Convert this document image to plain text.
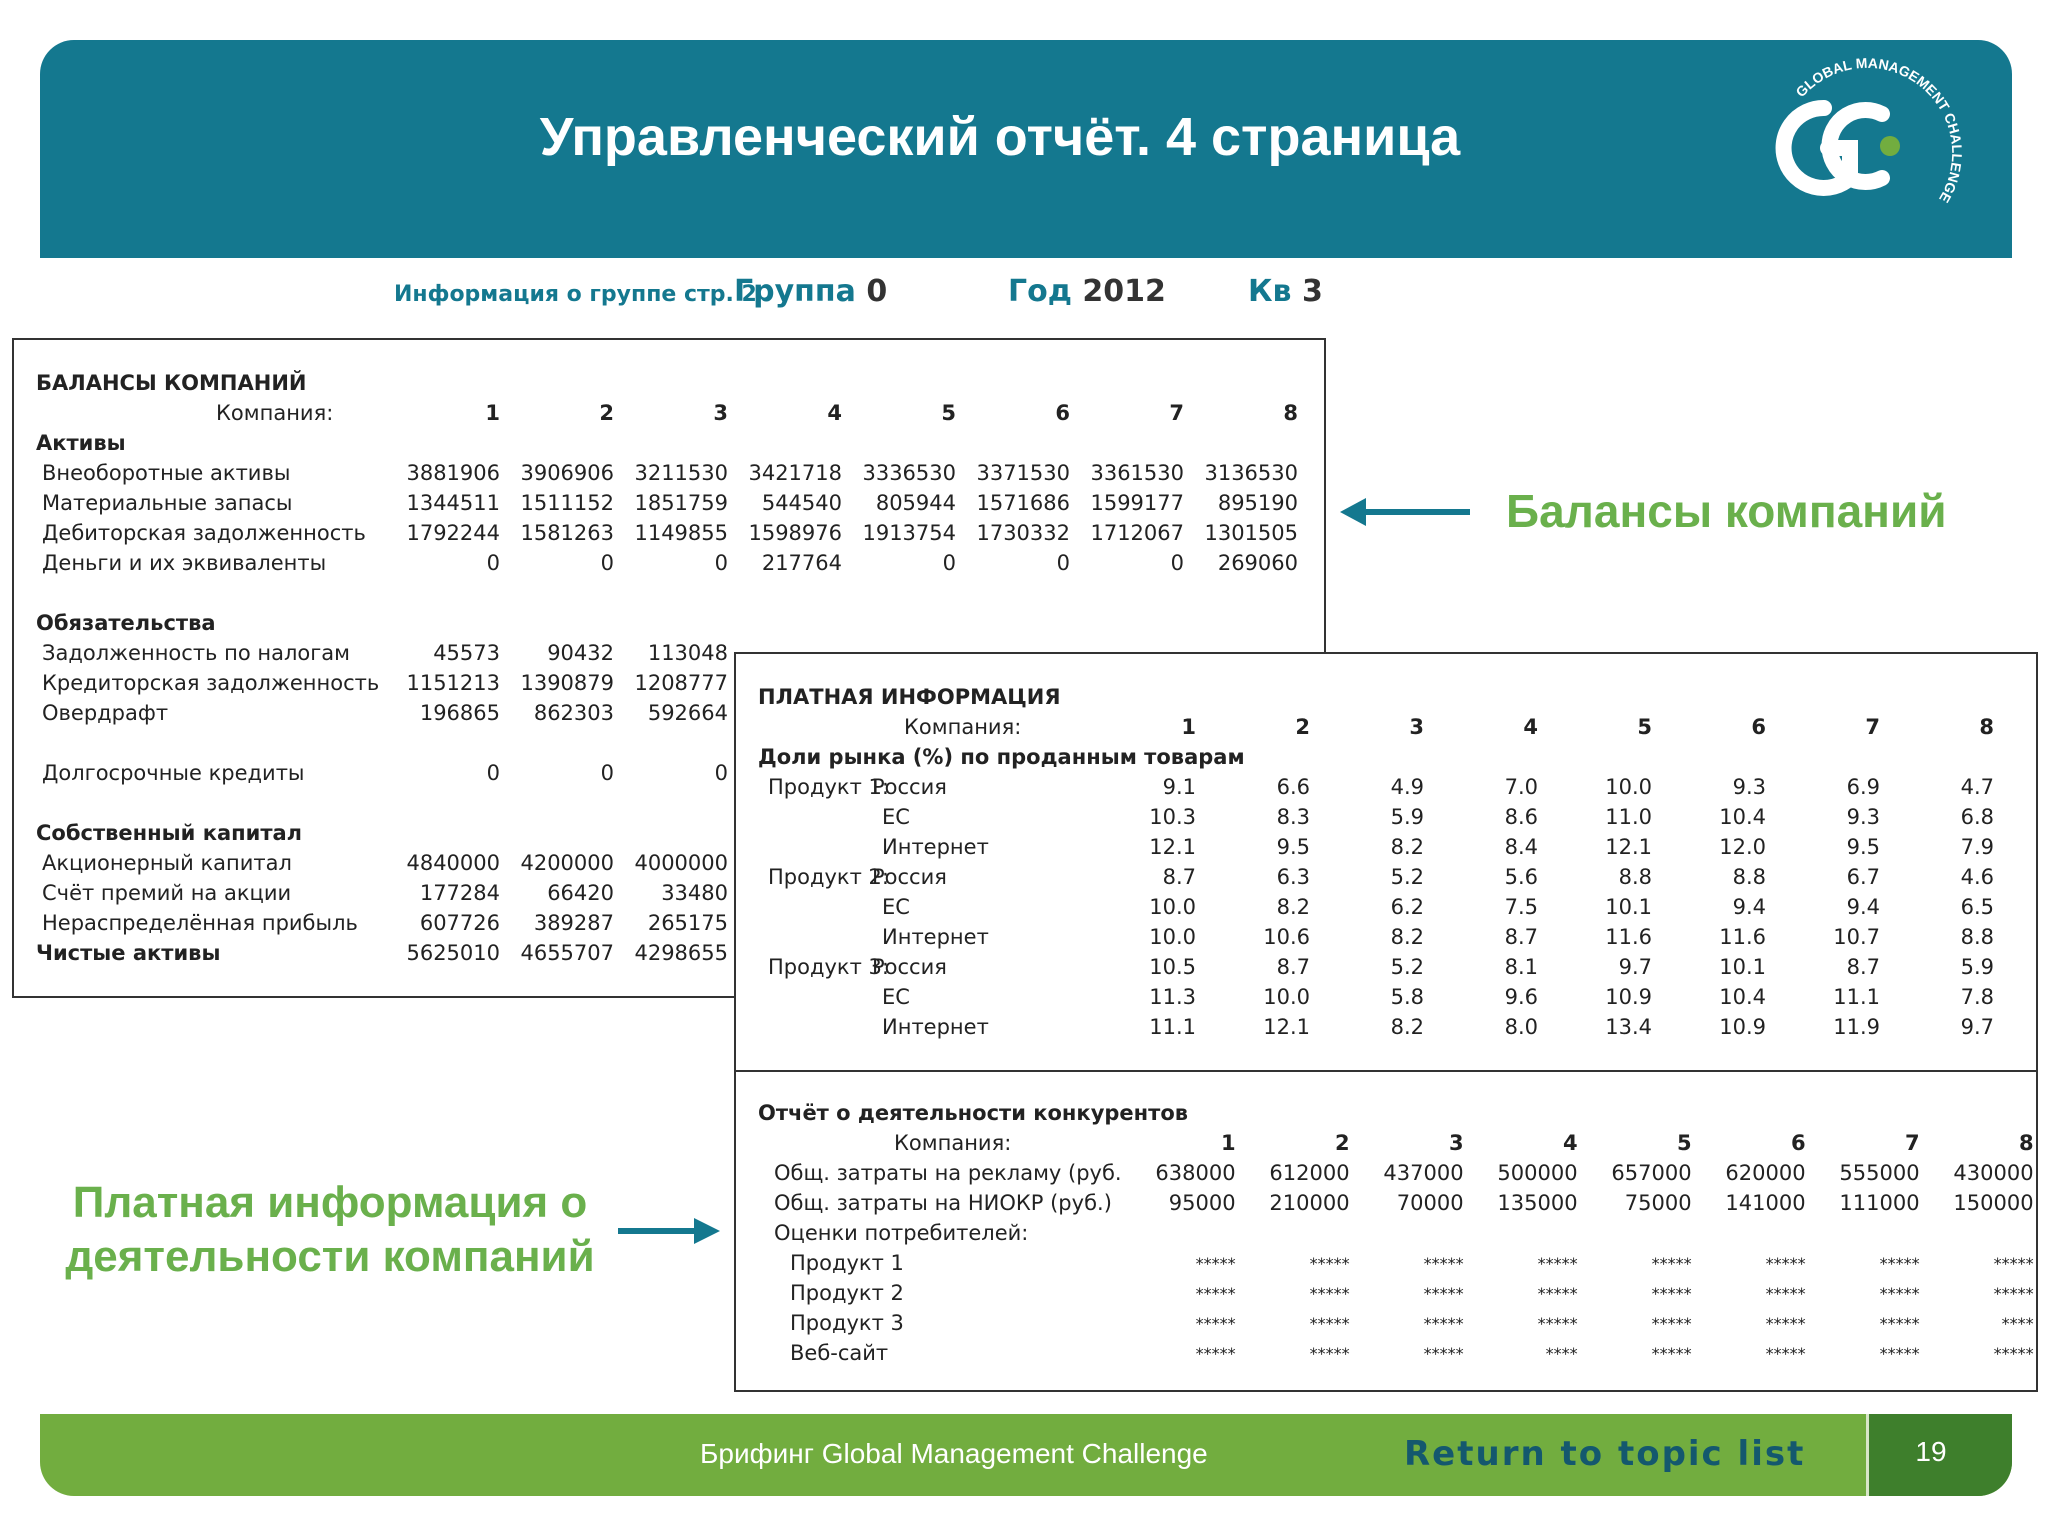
Управленческий отчёт. 4 страница
GLOBAL MANAGEMENT CHALLENGE
Информация о группе стр. 2
Группа 0	Год 2012	Кв 3
БАЛАНСЫ КОМПАНИЙ								
Компания:	1	2	3	4	5	6	7	8
Активы								
Внеоборотные активы	3881906	3906906	3211530	3421718	3336530	3371530	3361530	3136530
Материальные запасы	1344511	1511152	1851759	544540	805944	1571686	1599177	895190
Дебиторская задолженность	1792244	1581263	1149855	1598976	1913754	1730332	1712067	1301505
Деньги и их эквиваленты	0	0	0	217764	0	0	0	269060

Обязательства								
Задолженность по налогам	45573	90432	113048					
Кредиторская задолженность	1151213	1390879	1208777					
Овердрафт	196865	862303	592664					

Долгосрочные кредиты	0	0	0					

Собственный капитал								
Акционерный капитал	4840000	4200000	4000000					
Счёт премий на акции	177284	66420	33480					
Нераспределённая прибыль	607726	389287	265175					
Чистые активы	5625010	4655707	4298655					
ПЛАТНАЯ ИНФОРМАЦИЯ								
Компания:	1	2	3	4	5	6	7	8
Доли рынка (%) по проданным товарам								
Продукт 1:Россия	9.1	6.6	4.9	7.0	10.0	9.3	6.9	4.7
ЕС	10.3	8.3	5.9	8.6	11.0	10.4	9.3	6.8
Интернет	12.1	9.5	8.2	8.4	12.1	12.0	9.5	7.9
Продукт 2:Россия	8.7	6.3	5.2	5.6	8.8	8.8	6.7	4.6
ЕС	10.0	8.2	6.2	7.5	10.1	9.4	9.4	6.5
Интернет	10.0	10.6	8.2	8.7	11.6	11.6	10.7	8.8
Продукт 3:Россия	10.5	8.7	5.2	8.1	9.7	10.1	8.7	5.9
ЕС	11.3	10.0	5.8	9.6	10.9	10.4	11.1	7.8
Интернет	11.1	12.1	8.2	8.0	13.4	10.9	11.9	9.7
Отчёт о деятельности конкурентов								
Компания:	1	2	3	4	5	6	7	8
Общ. затраты на рекламу (руб.	638000	612000	437000	500000	657000	620000	555000	430000
Общ. затраты на НИОКР (руб.)	95000	210000	70000	135000	75000	141000	111000	150000
Оценки потребителей:								
Продукт 1	*****	*****	*****	*****	*****	*****	*****	*****
Продукт 2	*****	*****	*****	*****	*****	*****	*****	*****
Продукт 3	*****	*****	*****	*****	*****	*****	*****	****
Веб-сайт	*****	*****	*****	****	*****	*****	*****	*****
Балансы компаний
Платная информация о
деятельности компаний
Брифинг Global Management Challenge	Return to topic list	19
